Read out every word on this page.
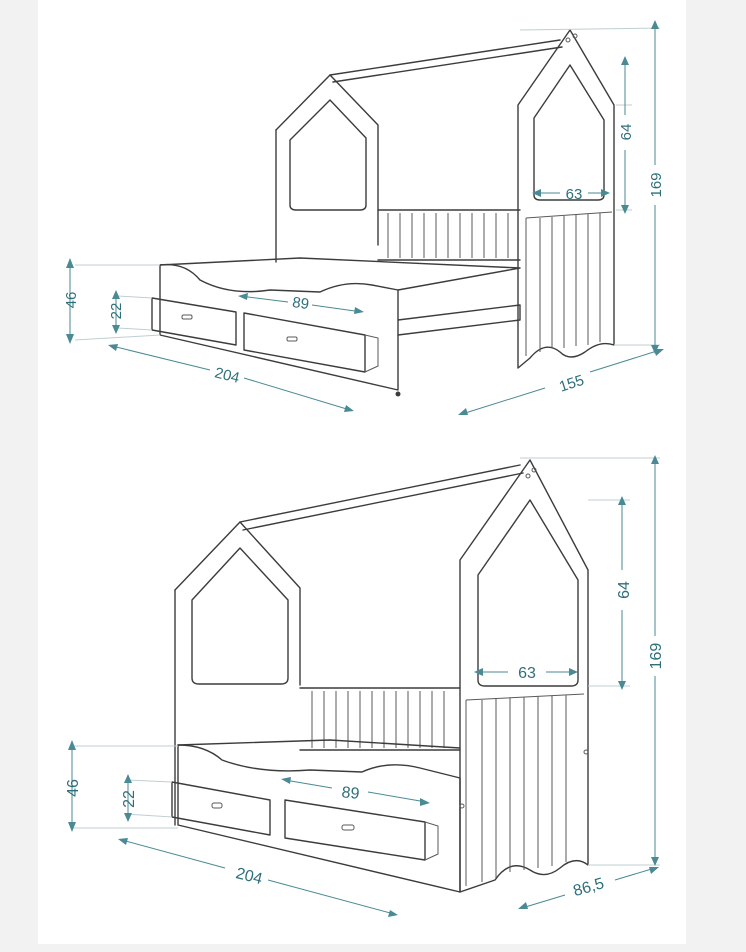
46
22	89
204	155
63
64
169
46
22	89
204	86,5
63
64
169
